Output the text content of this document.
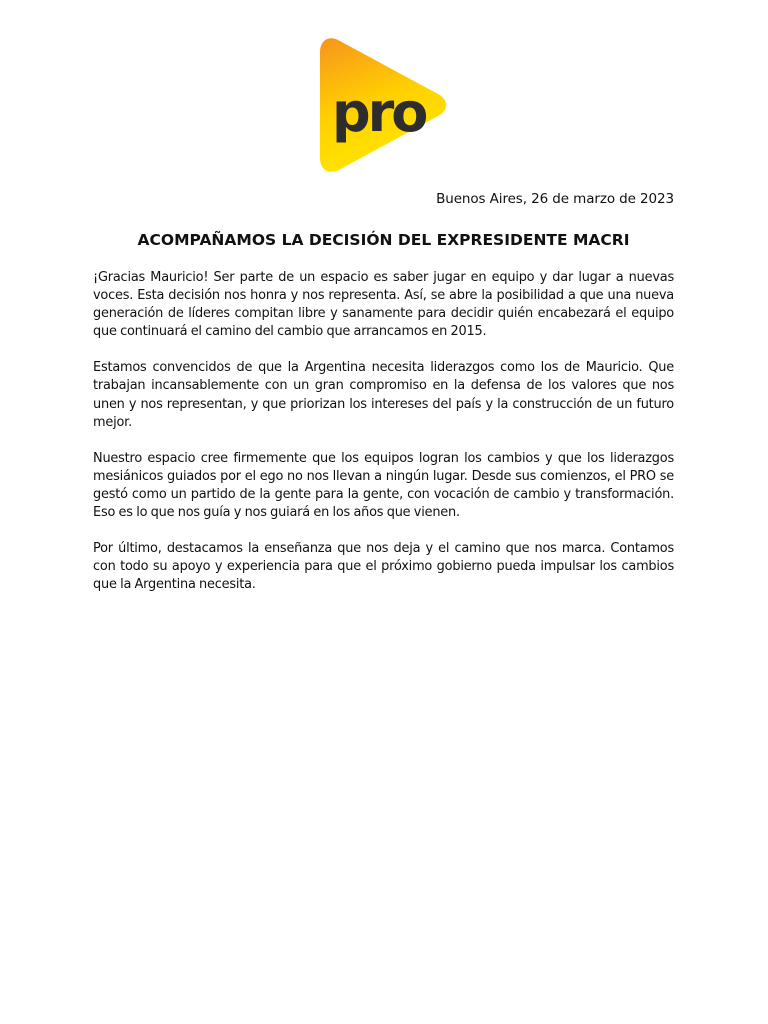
pro
Buenos Aires, 26 de marzo de 2023
ACOMPAÑAMOS LA DECISIÓN DEL EXPRESIDENTE MACRI

¡Gracias Mauricio! Ser parte de un espacio es saber jugar en equipo y dar lugar a nuevas voces. Esta decisión nos honra y nos representa. Así, se abre la posibilidad a que una nueva generación de líderes compitan libre y sanamente para decidir quién encabezará el equipo que continuará el camino del cambio que arrancamos en 2015.

Estamos convencidos de que la Argentina necesita liderazgos como los de Mauricio. Que trabajan incansablemente con un gran compromiso en la defensa de los valores que nos unen y nos representan, y que priorizan los intereses del país y la construcción de un futuro mejor.

Nuestro espacio cree firmemente que los equipos logran los cambios y que los liderazgos mesiánicos guiados por el ego no nos llevan a ningún lugar. Desde sus comienzos, el PRO se gestó como un partido de la gente para la gente, con vocación de cambio y transformación. Eso es lo que nos guía y nos guiará en los años que vienen.

Por último, destacamos la enseñanza que nos deja y el camino que nos marca. Contamos con todo su apoyo y experiencia para que el próximo gobierno pueda impulsar los cambios que la Argentina necesita.
